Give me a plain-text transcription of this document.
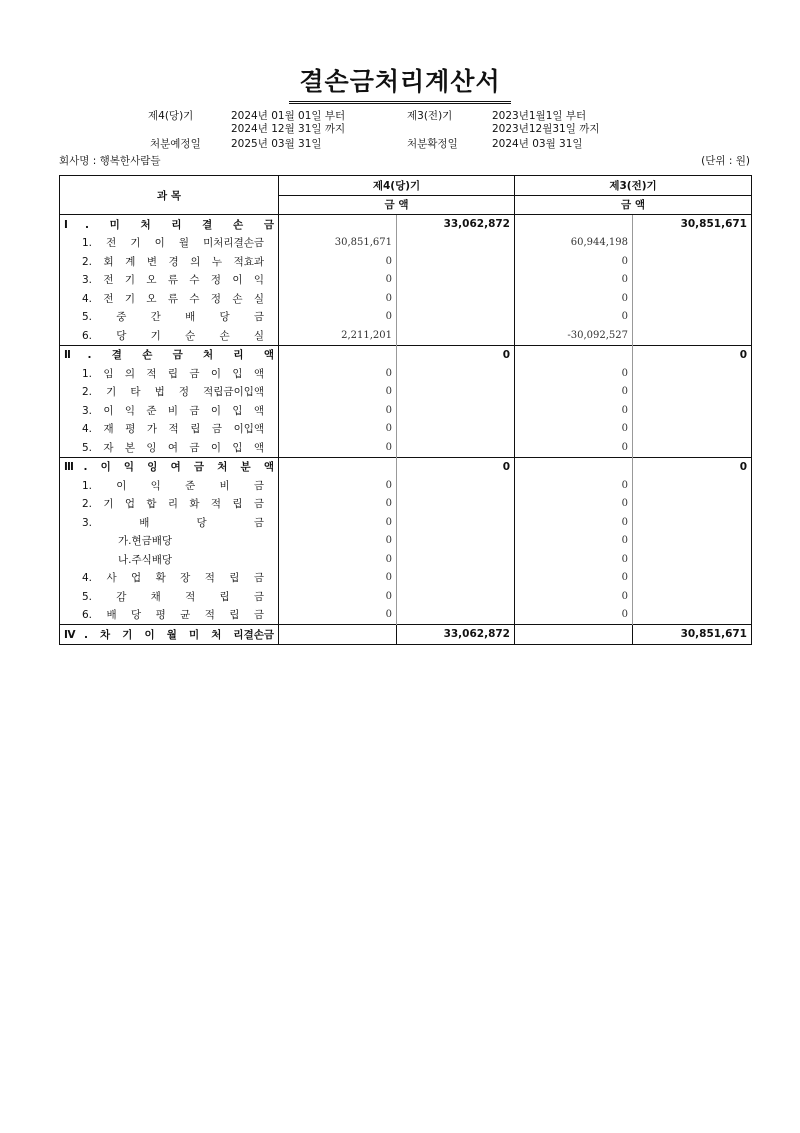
결손금처리계산서
제4(당)기	2024년 01월 01일 부터
2024년 12월 31일 까지
제3(전)기	2023년1월1일 부터
2023년12월31일 까지
처분예정일	2025년 03월 31일	처분확정일	2024년 03월 31일
회사명 : 행복한사람들	(단위 : 원)
과 목	제4(당)기		제3(전)기	
	금 액		금 액	
Ⅰ. 미 처 리 결 손 금		33,062,872		30,851,671
1. 전 기 이 월 미처리결손금	30,851,671		60,944,198	
2. 회 계 변 경 의 누 적효과	0		0	
3. 전 기 오 류 수 정 이 익	0		0	
4. 전 기 오 류 수 정 손 실	0		0	
5. 중 간 배 당 금	0		0	
6. 당 기 순 손 실	2,211,201		-30,092,527	
Ⅱ. 결 손 금 처 리 액		0		0
1. 임 의 적 립 금 이 입 액	0		0	
2. 기 타 법 정 적립금이입액	0		0	
3. 이 익 준 비 금 이 입 액	0		0	
4. 재 평 가 적 립 금 이입액	0		0	
5. 자 본 잉 여 금 이 입 액	0		0	
Ⅲ. 이 익 잉 여 금 처 분 액		0		0
1. 이 익 준 비 금	0		0	
2. 기 업 합 리 화 적 립 금	0		0	
3. 배 당 금	0		0	
가.현금배당	0		0	
나.주식배당	0		0	
4. 사 업 확 장 적 립 금	0		0	
5. 감 채 적 립 금	0		0	
6. 배 당 평 균 적 립 금	0		0	
Ⅳ. 차 기 이 월 미 처 리결손금		33,062,872		30,851,671
